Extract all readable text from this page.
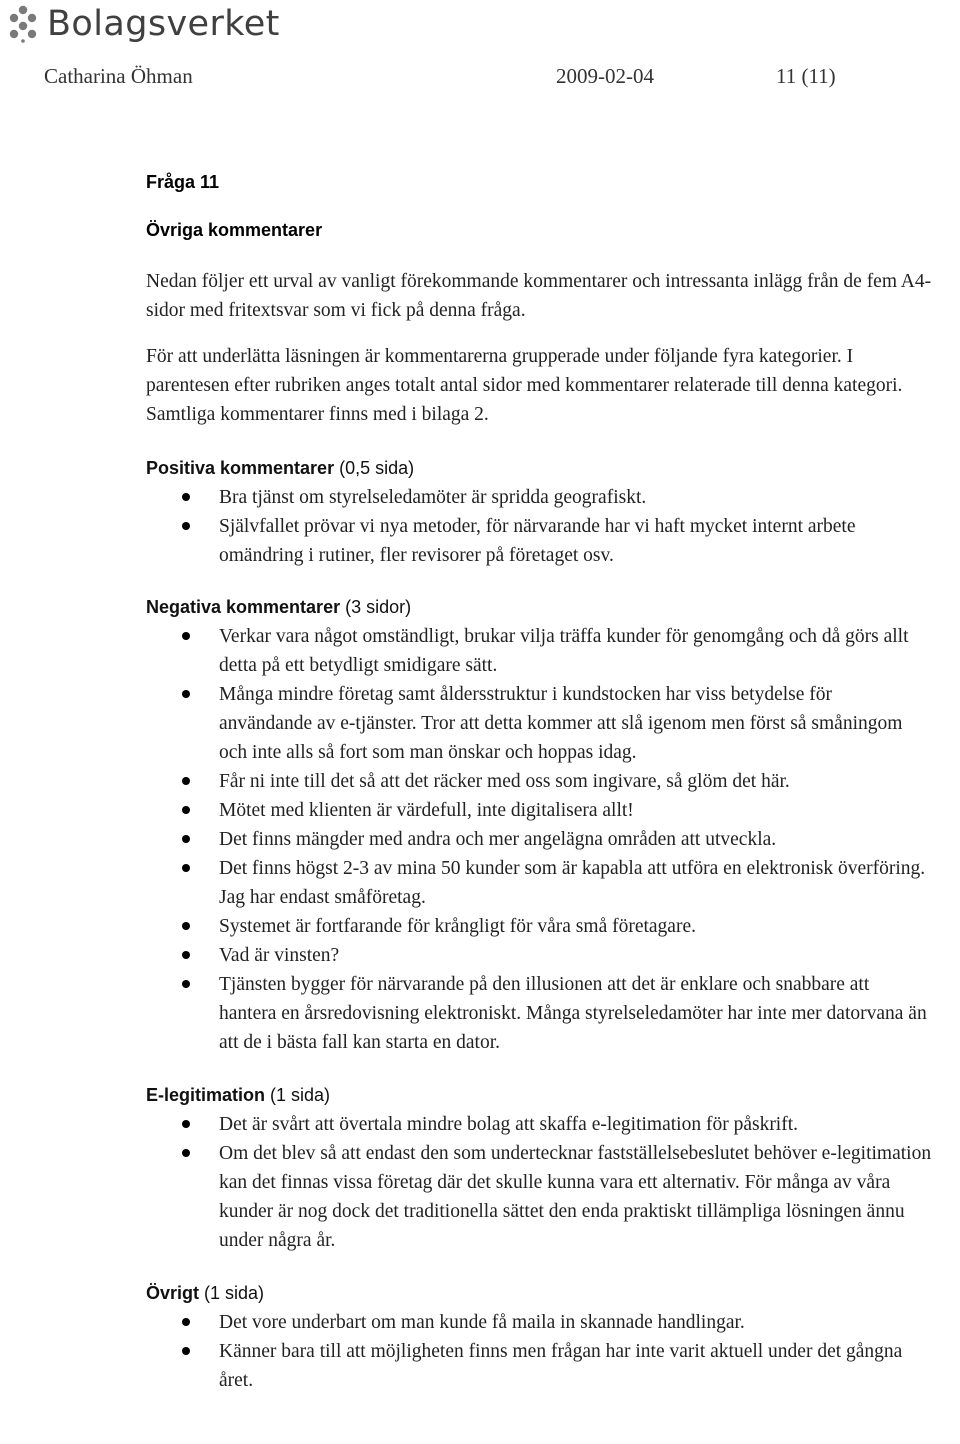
Bolagsverket
Catharina Öhman	2009-02-04	11 (11)
Fråga 11
Övriga kommentarer

Nedan följer ett urval av vanligt förekommande kommentarer och intressanta inlägg från de fem A4-sidor med fritextsvar som vi fick på denna fråga.

För att underlätta läsningen är kommentarerna grupperade under följande fyra kategorier. I parentesen efter rubriken anges totalt antal sidor med kommentarer relaterade till denna kategori. Samtliga kommentarer finns med i bilaga 2.

Positiva kommentarer (0,5 sida)
Bra tjänst om styrelseledamöter är spridda geografiskt.
Självfallet prövar vi nya metoder, för närvarande har vi haft mycket internt arbete omändring i rutiner, fler revisorer på företaget osv.
Negativa kommentarer (3 sidor)
Verkar vara något omständligt, brukar vilja träffa kunder för genomgång och då görs allt detta på ett betydligt smidigare sätt.
Många mindre företag samt åldersstruktur i kundstocken har viss betydelse för användande av e-tjänster. Tror att detta kommer att slå igenom men först så småningom och inte alls så fort som man önskar och hoppas idag.
Får ni inte till det så att det räcker med oss som ingivare, så glöm det här.
Mötet med klienten är värdefull, inte digitalisera allt!
Det finns mängder med andra och mer angelägna områden att utveckla.
Det finns högst 2-3 av mina 50 kunder som är kapabla att utföra en elektronisk överföring. Jag har endast småföretag.
Systemet är fortfarande för krångligt för våra små företagare.
Vad är vinsten?
Tjänsten bygger för närvarande på den illusionen att det är enklare och snabbare att hantera en årsredovisning elektroniskt. Många styrelseledamöter har inte mer datorvana än att de i bästa fall kan starta en dator.
E-legitimation (1 sida)
Det är svårt att övertala mindre bolag att skaffa e-legitimation för påskrift.
Om det blev så att endast den som undertecknar fastställelsebeslutet behöver e-legitimation kan det finnas vissa företag där det skulle kunna vara ett alternativ. För många av våra kunder är nog dock det traditionella sättet den enda praktiskt tillämpliga lösningen ännu under några år.
Övrigt (1 sida)
Det vore underbart om man kunde få maila in skannade handlingar.
Känner bara till att möjligheten finns men frågan har inte varit aktuell under det gångna året.
